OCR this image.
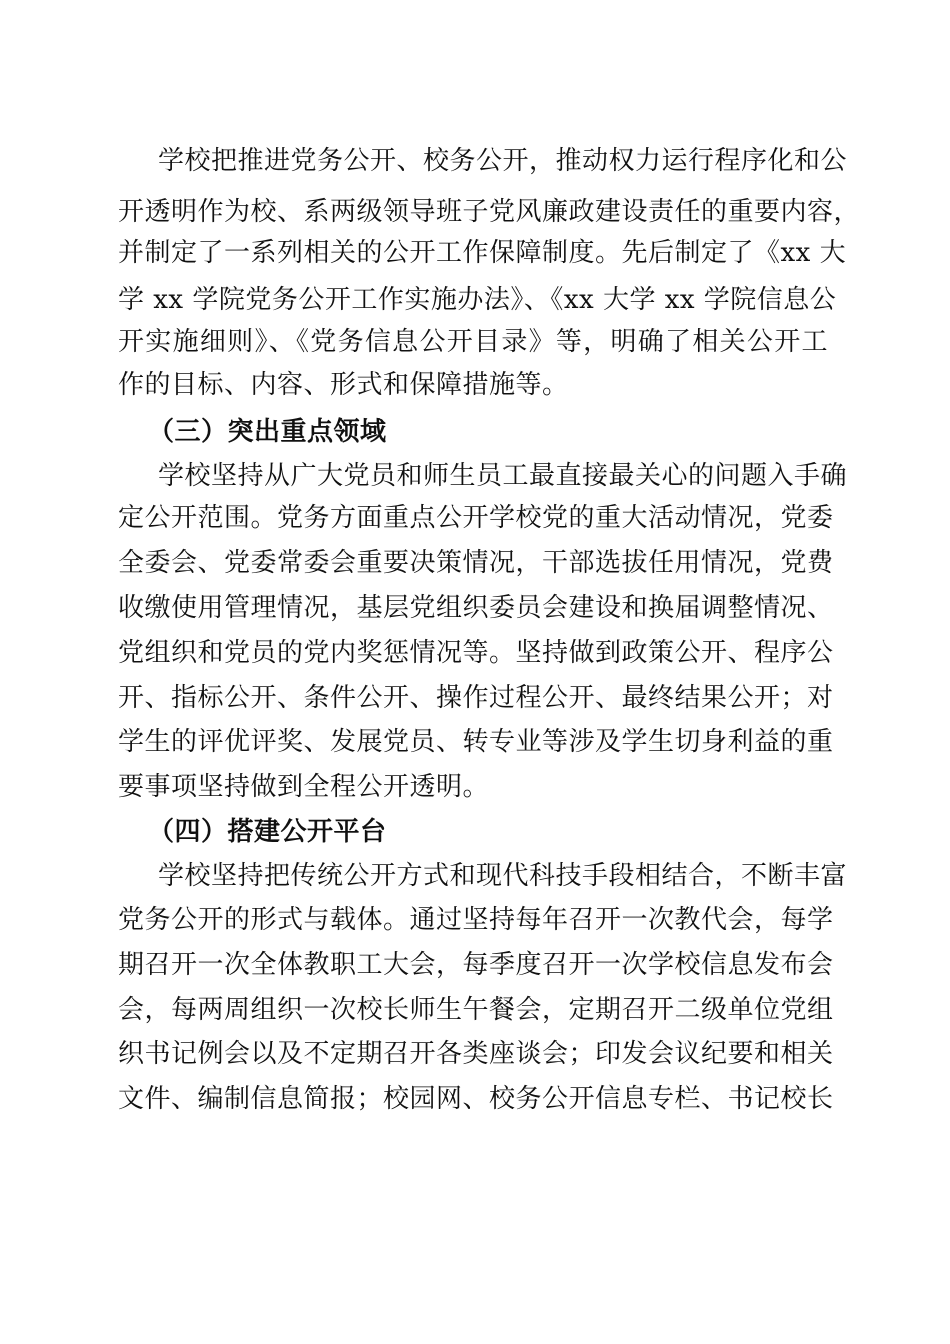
学校把推进党务公开、校务公开，推动权力运行程序化和公
开透明作为校、系两级领导班子党风廉政建设责任的重要内容，
并制定了一系列相关的公开工作保障制度。先后制定了《xx 大
学 xx 学院党务公开工作实施办法》、《xx 大学 xx 学院信息公
开实施细则》、《党务信息公开目录》等，明确了相关公开工
作的目标、内容、形式和保障措施等。
（三）突出重点领域
学校坚持从广大党员和师生员工最直接最关心的问题入手确
定公开范围。党务方面重点公开学校党的重大活动情况，党委
全委会、党委常委会重要决策情况，干部选拔任用情况，党费
收缴使用管理情况，基层党组织委员会建设和换届调整情况、
党组织和党员的党内奖惩情况等。坚持做到政策公开、程序公
开、指标公开、条件公开、操作过程公开、最终结果公开；对
学生的评优评奖、发展党员、转专业等涉及学生切身利益的重
要事项坚持做到全程公开透明。
（四）搭建公开平台
学校坚持把传统公开方式和现代科技手段相结合，不断丰富
党务公开的形式与载体。通过坚持每年召开一次教代会，每学
期召开一次全体教职工大会，每季度召开一次学校信息发布会
会，每两周组织一次校长师生午餐会，定期召开二级单位党组
织书记例会以及不定期召开各类座谈会；印发会议纪要和相关
文件、编制信息简报；校园网、校务公开信息专栏、书记校长
